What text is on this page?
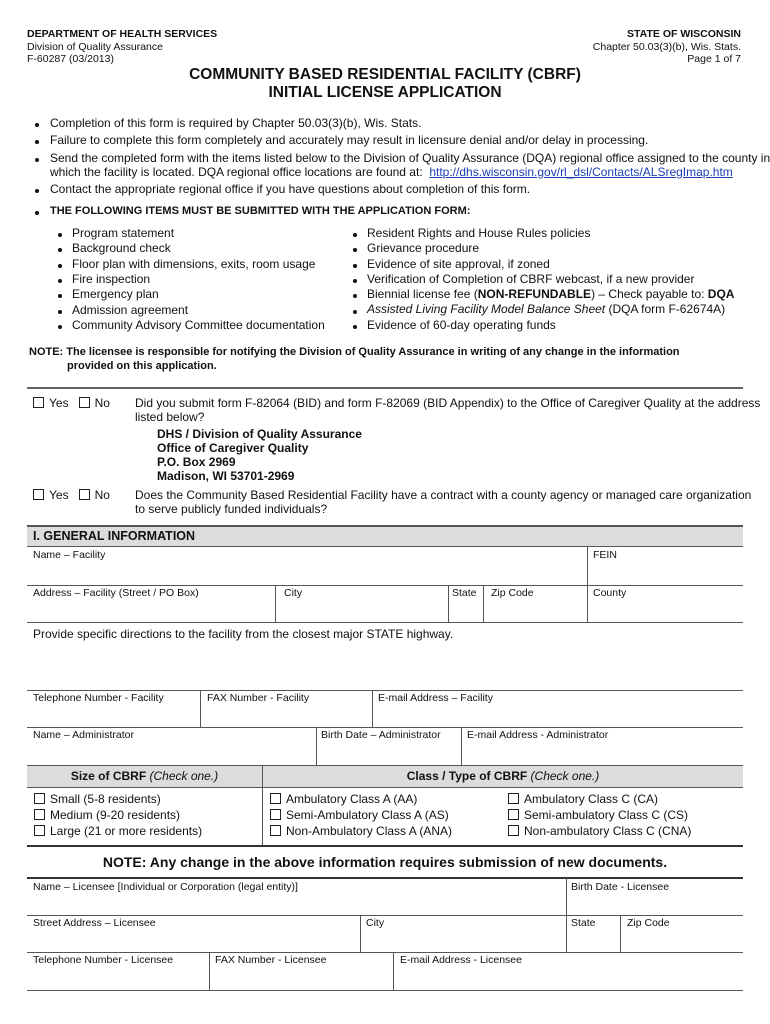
DEPARTMENT OF HEALTH SERVICES
Division of Quality Assurance
F-60287 (03/2013)
STATE OF WISCONSIN
Chapter 50.03(3)(b), Wis. Stats.
Page 1 of 7
COMMUNITY BASED RESIDENTIAL FACILITY (CBRF)
INITIAL LICENSE APPLICATION
Completion of this form is required by Chapter 50.03(3)(b), Wis. Stats.
Failure to complete this form completely and accurately may result in licensure denial and/or delay in processing.
Send the completed form with the items listed below to the Division of Quality Assurance (DQA) regional office assigned to the county in
which the facility is located. DQA regional office locations are found at: http://dhs.wisconsin.gov/rl_dsl/Contacts/ALSregImap.htm
Contact the appropriate regional office if you have questions about completion of this form.
THE FOLLOWING ITEMS MUST BE SUBMITTED WITH THE APPLICATION FORM:
Program statement
Background check
Floor plan with dimensions, exits, room usage
Fire inspection
Emergency plan
Admission agreement
Community Advisory Committee documentation
Resident Rights and House Rules policies
Grievance procedure
Evidence of site approval, if zoned
Verification of Completion of CBRF webcast, if a new provider
Biennial license fee (NON-REFUNDABLE) – Check payable to: DQA
Assisted Living Facility Model Balance Sheet (DQA form F-62674A)
Evidence of 60-day operating funds
NOTE: The licensee is responsible for notifying the Division of Quality Assurance in writing of any change in the information
provided on this application.
Yes No Did you submit form F-82064 (BID) and form F-82069 (BID Appendix) to the Office of Caregiver Quality at the address
listed below?
DHS / Division of Quality Assurance
Office of Caregiver Quality
P.O. Box 2969
Madison, WI 53701-2969
Yes No Does the Community Based Residential Facility have a contract with a county agency or managed care organization
to serve publicly funded individuals?
I. GENERAL INFORMATION
Name – Facility	FEIN
Address – Facility (Street / PO Box)	City	State Zip Code	County
Provide specific directions to the facility from the closest major STATE highway.
Telephone Number - Facility	FAX Number - Facility	E-mail Address – Facility
Name – Administrator	Birth Date – Administrator	E-mail Address - Administrator
Size of CBRF (Check one.)	Class / Type of CBRF (Check one.)
Small (5-8 residents)	Ambulatory Class A (AA)	Ambulatory Class C (CA)
Medium (9-20 residents)	Semi-Ambulatory Class A (AS)	Semi-ambulatory Class C (CS)
Large (21 or more residents)	Non-Ambulatory Class A (ANA)	Non-ambulatory Class C (CNA)
NOTE: Any change in the above information requires submission of new documents.
Name – Licensee [Individual or Corporation (legal entity)]	Birth Date - Licensee
Street Address – Licensee	City	State	Zip Code
Telephone Number - Licensee	FAX Number - Licensee	E-mail Address - Licensee
